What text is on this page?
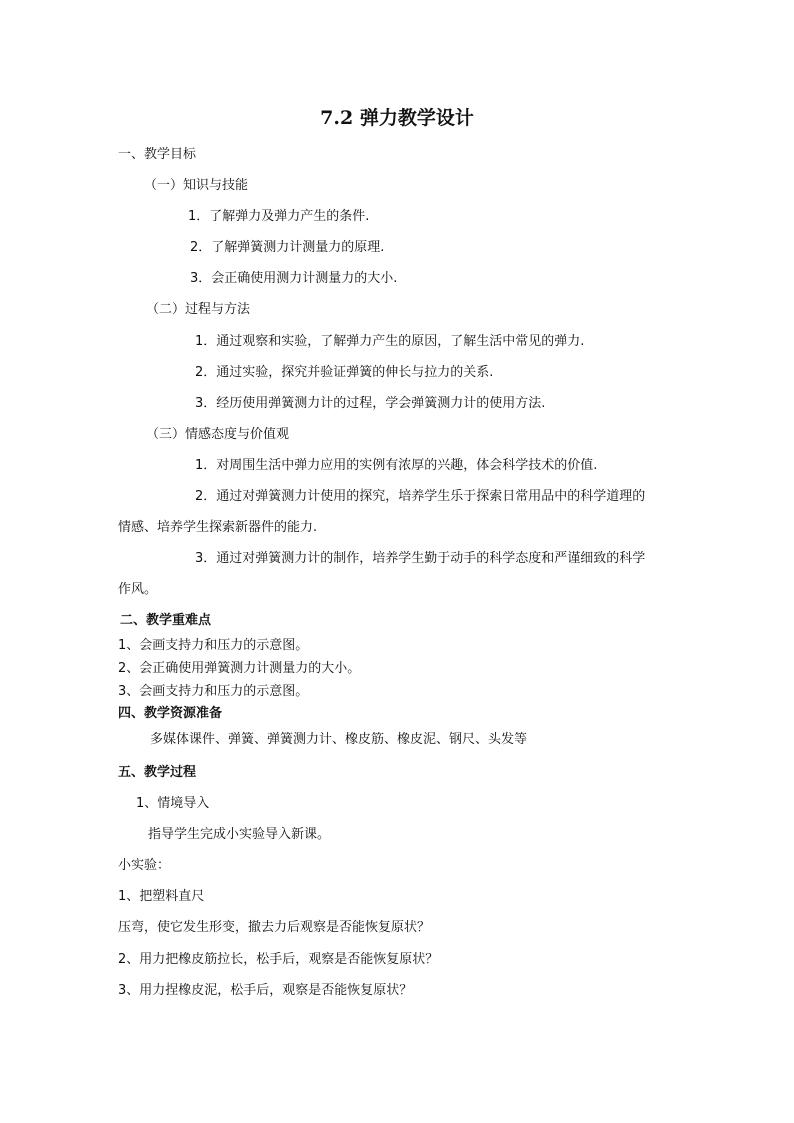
7.2 弹力教学设计
一、教学目标
（一）知识与技能
1．了解弹力及弹力产生的条件.
2．了解弹簧测力计测量力的原理.
3．会正确使用测力计测量力的大小.
（二）过程与方法
1．通过观察和实验，了解弹力产生的原因，了解生活中常见的弹力.
2．通过实验，探究并验证弹簧的伸长与拉力的关系.
3．经历使用弹簧测力计的过程，学会弹簧测力计的使用方法.
（三）情感态度与价值观
1．对周围生活中弹力应用的实例有浓厚的兴趣，体会科学技术的价值.
2．通过对弹簧测力计使用的探究，培养学生乐于探索日常用品中的科学道理的
情感、培养学生探索新器件的能力.
3．通过对弹簧测力计的制作，培养学生勤于动手的科学态度和严谨细致的科学
作风。
二、教学重难点
1、会画支持力和压力的示意图。
2、会正确使用弹簧测力计测量力的大小。
3、会画支持力和压力的示意图。
四、教学资源准备
多媒体课件、弹簧、弹簧测力计、橡皮筋、橡皮泥、钢尺、头发等
五、教学过程
1、情境导入
指导学生完成小实验导入新课。
小实验：
1、把塑料直尺
压弯，使它发生形变，撤去力后观察是否能恢复原状？
2、用力把橡皮筋拉长，松手后，观察是否能恢复原状？
3、用力捏橡皮泥，松手后，观察是否能恢复原状？
